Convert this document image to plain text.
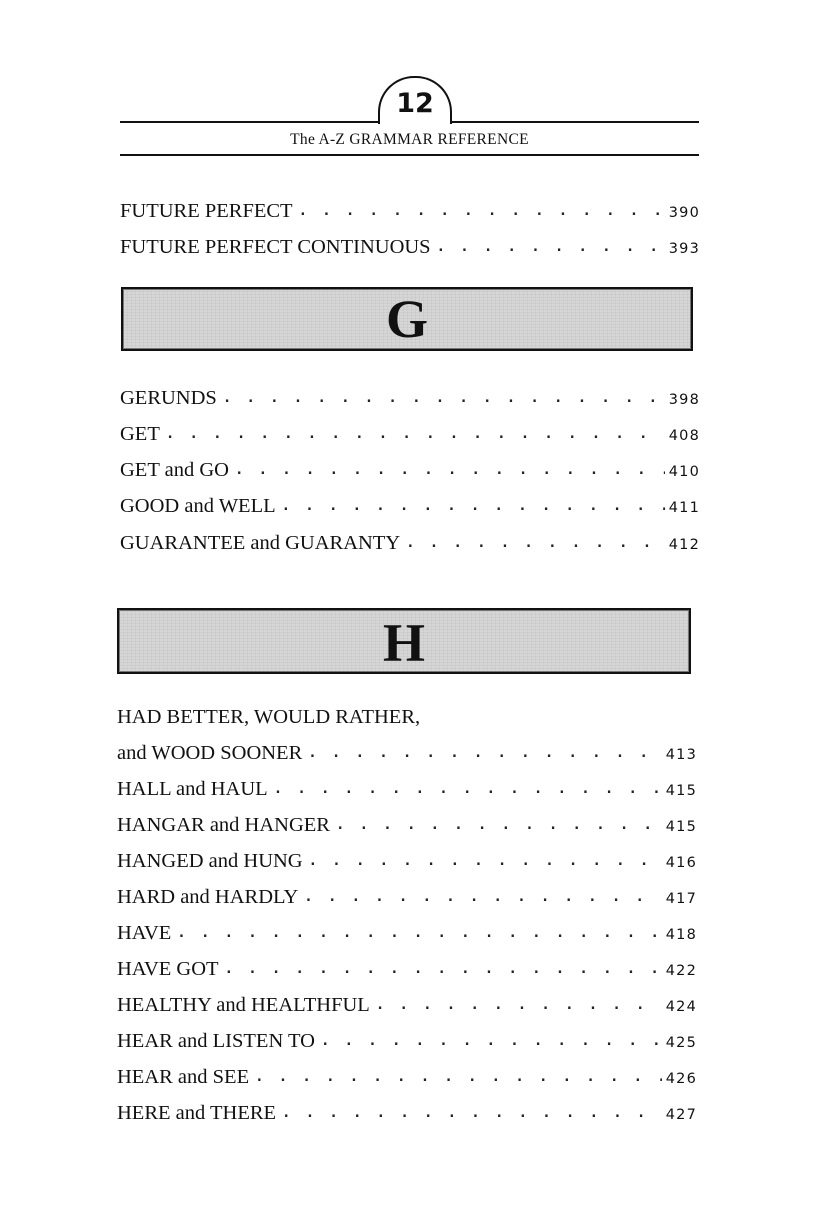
12
The A-Z GRAMMAR REFERENCE
FUTURE PERFECT . . .	390
FUTURE PERFECT CONTINUOUS . . .	393
G
GERUNDS . . .	398
GET . . .	408
GET and GO . . .	410
GOOD and WELL . . .	411
GUARANTEE and GUARANTY . . .	412
H
HAD BETTER, WOULD RATHER,
and WOOD SOONER . . .	413
HALL and HAUL . . .	415
HANGAR and HANGER . . .	415
HANGED and HUNG . . .	416
HARD and HARDLY . . .	417
HAVE . . .	418
HAVE GOT . . .	422
HEALTHY and HEALTHFUL . . .	424
HEAR and LISTEN TO . . .	425
HEAR and SEE . . .	426
HERE and THERE . . .	427
